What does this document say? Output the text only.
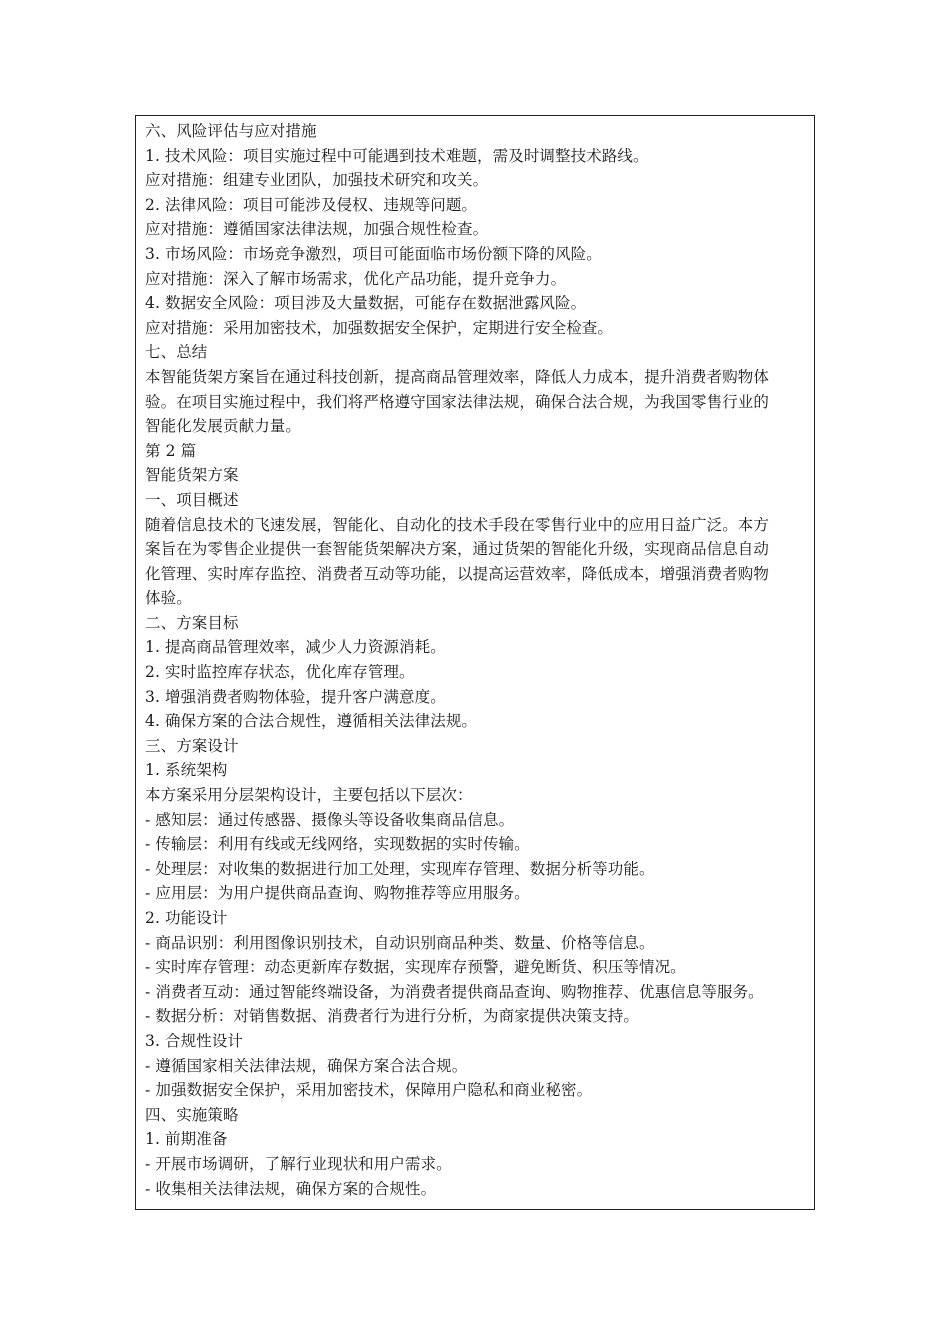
六、风险评估与应对措施
1. 技术风险：项目实施过程中可能遇到技术难题，需及时调整技术路线。
应对措施：组建专业团队，加强技术研究和攻关。
2. 法律风险：项目可能涉及侵权、违规等问题。
应对措施：遵循国家法律法规，加强合规性检查。
3. 市场风险：市场竞争激烈，项目可能面临市场份额下降的风险。
应对措施：深入了解市场需求，优化产品功能，提升竞争力。
4. 数据安全风险：项目涉及大量数据，可能存在数据泄露风险。
应对措施：采用加密技术，加强数据安全保护，定期进行安全检查。
七、总结
本智能货架方案旨在通过科技创新，提高商品管理效率，降低人力成本，提升消费者购物体
验。在项目实施过程中，我们将严格遵守国家法律法规，确保合法合规，为我国零售行业的
智能化发展贡献力量。
第 2 篇
智能货架方案
一、项目概述
随着信息技术的飞速发展，智能化、自动化的技术手段在零售行业中的应用日益广泛。本方
案旨在为零售企业提供一套智能货架解决方案，通过货架的智能化升级，实现商品信息自动
化管理、实时库存监控、消费者互动等功能，以提高运营效率，降低成本，增强消费者购物
体验。
二、方案目标
1. 提高商品管理效率，减少人力资源消耗。
2. 实时监控库存状态，优化库存管理。
3. 增强消费者购物体验，提升客户满意度。
4. 确保方案的合法合规性，遵循相关法律法规。
三、方案设计
1. 系统架构
本方案采用分层架构设计，主要包括以下层次：
- 感知层：通过传感器、摄像头等设备收集商品信息。
- 传输层：利用有线或无线网络，实现数据的实时传输。
- 处理层：对收集的数据进行加工处理，实现库存管理、数据分析等功能。
- 应用层：为用户提供商品查询、购物推荐等应用服务。
2. 功能设计
- 商品识别：利用图像识别技术，自动识别商品种类、数量、价格等信息。
- 实时库存管理：动态更新库存数据，实现库存预警，避免断货、积压等情况。
- 消费者互动：通过智能终端设备，为消费者提供商品查询、购物推荐、优惠信息等服务。
- 数据分析：对销售数据、消费者行为进行分析，为商家提供决策支持。
3. 合规性设计
- 遵循国家相关法律法规，确保方案合法合规。
- 加强数据安全保护，采用加密技术，保障用户隐私和商业秘密。
四、实施策略
1. 前期准备
- 开展市场调研，了解行业现状和用户需求。
- 收集相关法律法规，确保方案的合规性。
